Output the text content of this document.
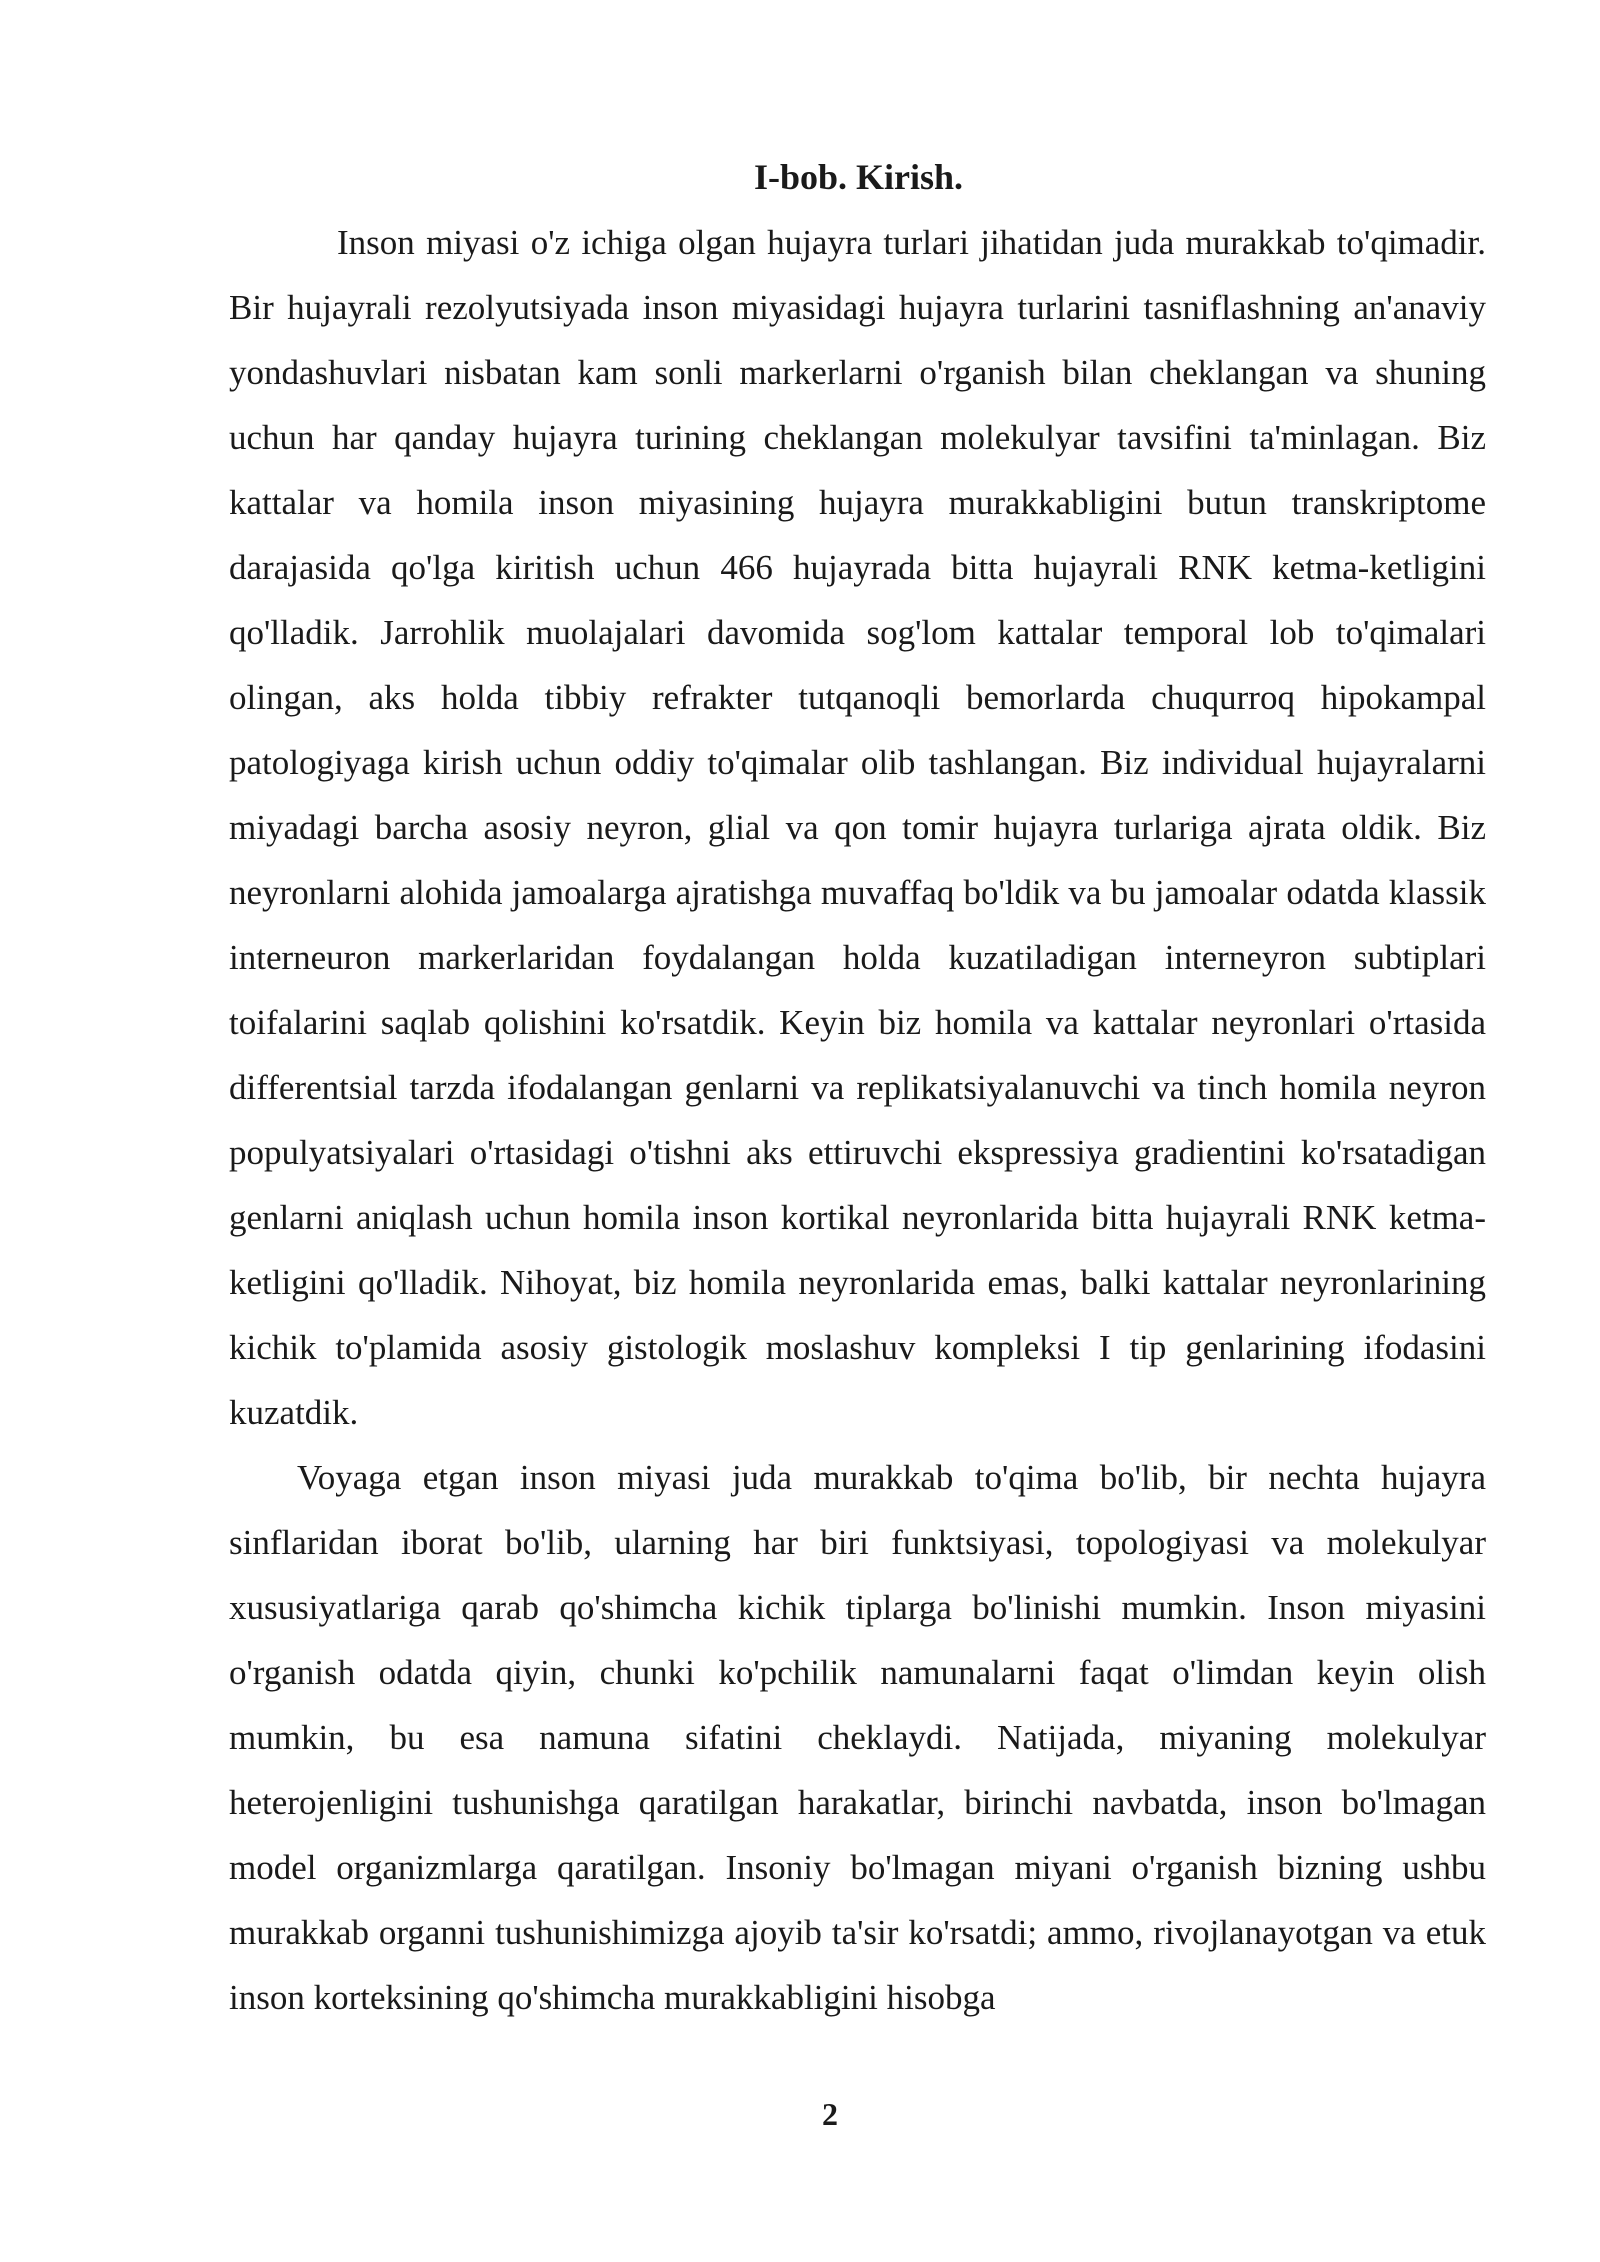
I-bob. Kirish.

Inson miyasi o'z ichiga olgan hujayra turlari jihatidan juda murakkab to'qimadir. Bir hujayrali rezolyutsiyada inson miyasidagi hujayra turlarini tasniflashning an'anaviy yondashuvlari nisbatan kam sonli markerlarni o'rganish bilan cheklangan va shuning uchun har qanday hujayra turining cheklangan molekulyar tavsifini ta'minlagan. Biz kattalar va homila inson miyasining hujayra murakkabligini butun transkriptome darajasida qo'lga kiritish uchun 466 hujayrada bitta hujayrali RNK ketma-ketligini qo'lladik. Jarrohlik muolajalari davomida sog'lom kattalar temporal lob to'qimalari olingan, aks holda tibbiy refrakter tutqanoqli bemorlarda chuqurroq hipokampal patologiyaga kirish uchun oddiy to'qimalar olib tashlangan. Biz individual hujayralarni miyadagi barcha asosiy neyron, glial va qon tomir hujayra turlariga ajrata oldik. Biz neyronlarni alohida jamoalarga ajratishga muvaffaq bo'ldik va bu jamoalar odatda klassik interneuron markerlaridan foydalangan holda kuzatiladigan interneyron subtiplari toifalarini saqlab qolishini ko'rsatdik. Keyin biz homila va kattalar neyronlari o'rtasida differentsial tarzda ifodalangan genlarni va replikatsiyalanuvchi va tinch homila neyron populyatsiyalari o'rtasidagi o'tishni aks ettiruvchi ekspressiya gradientini ko'rsatadigan genlarni aniqlash uchun homila inson kortikal neyronlarida bitta hujayrali RNK ketma-ketligini qo'lladik. Nihoyat, biz homila neyronlarida emas, balki kattalar neyronlarining kichik to'plamida asosiy gistologik moslashuv kompleksi I tip genlarining ifodasini kuzatdik.

Voyaga etgan inson miyasi juda murakkab to'qima bo'lib, bir nechta hujayra sinflaridan iborat bo'lib, ularning har biri funktsiyasi, topologiyasi va molekulyar xususiyatlariga qarab qo'shimcha kichik tiplarga bo'linishi mumkin. Inson miyasini o'rganish odatda qiyin, chunki ko'pchilik namunalarni faqat o'limdan keyin olish mumkin, bu esa namuna sifatini cheklaydi. Natijada, miyaning molekulyar heterojenligini tushunishga qaratilgan harakatlar, birinchi navbatda, inson bo'lmagan model organizmlarga qaratilgan. Insoniy bo'lmagan miyani o'rganish bizning ushbu murakkab organni tushunishimizga ajoyib ta'sir ko'rsatdi; ammo, rivojlanayotgan va etuk inson korteksining qo'shimcha murakkabligini hisobga

2
